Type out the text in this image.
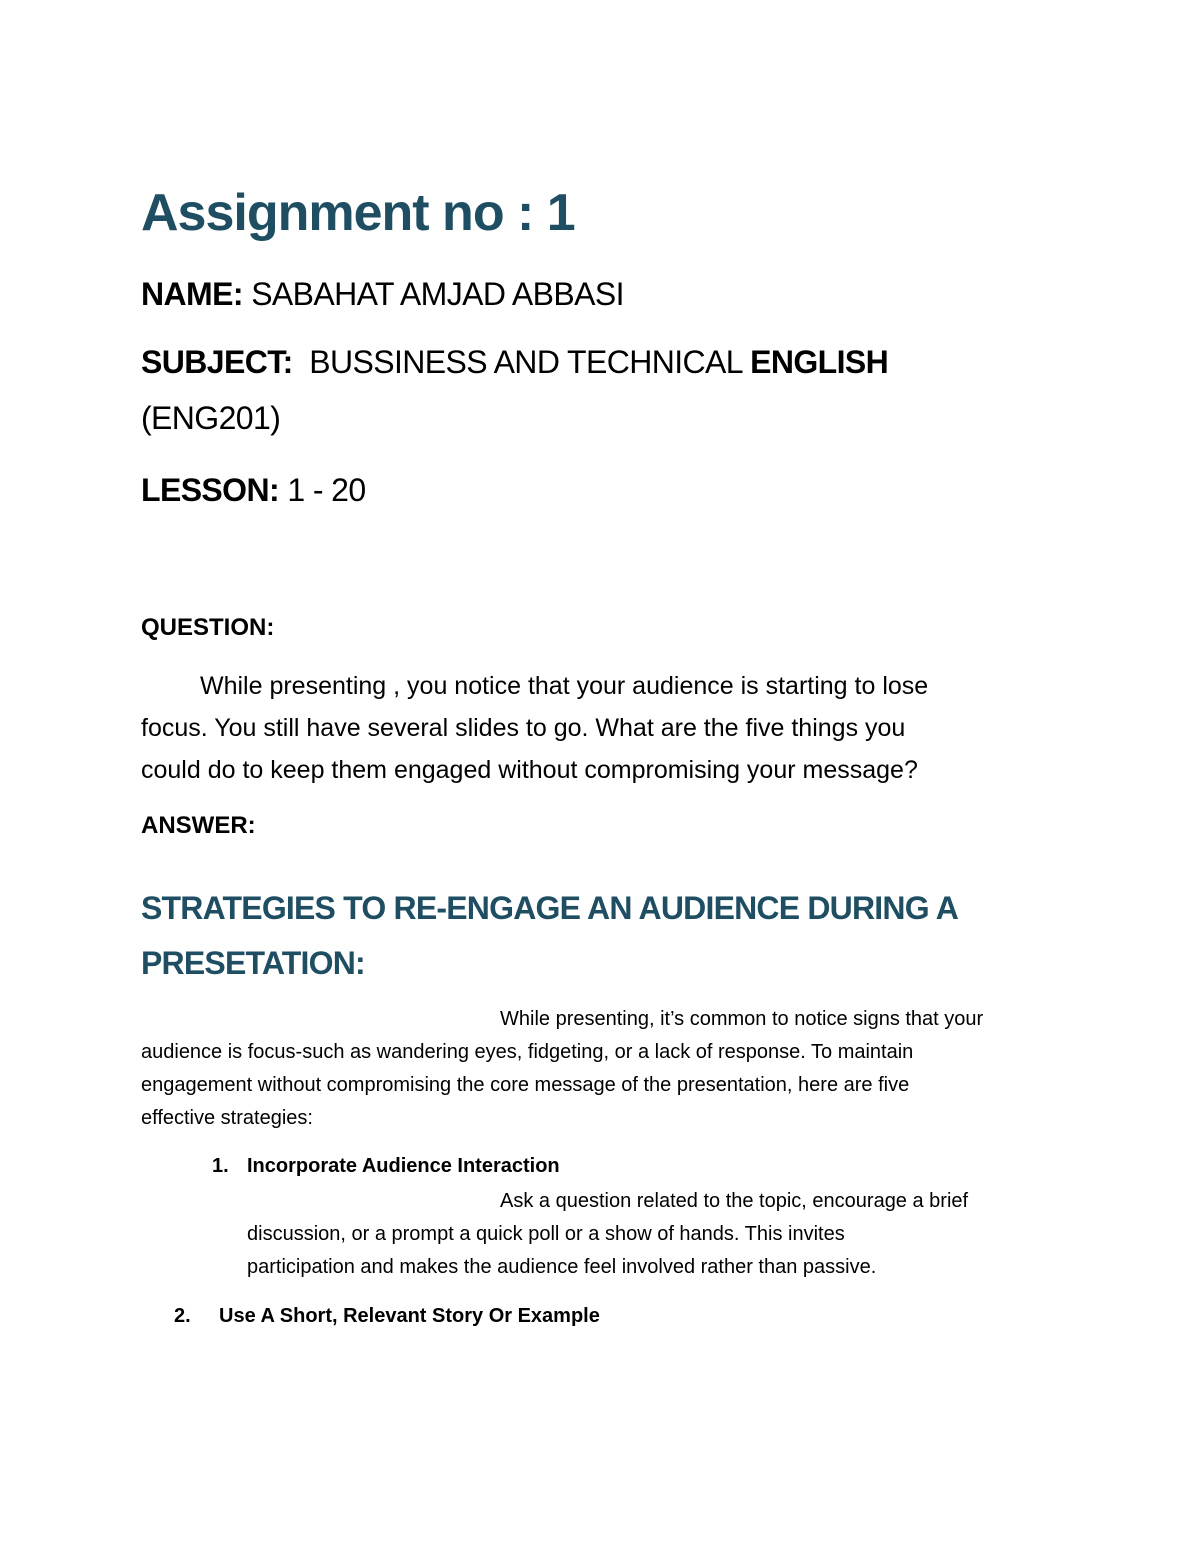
Assignment no : 1
NAME: SABAHAT AMJAD ABBASI
SUBJECT: BUSSINESS AND TECHNICAL ENGLISH
(ENG201)
LESSON: 1 - 20
QUESTION:
While presenting , you notice that your audience is starting to lose
focus. You still have several slides to go. What are the five things you
could do to keep them engaged without compromising your message?
ANSWER:
STRATEGIES TO RE-ENGAGE AN AUDIENCE DURING A
PRESETATION:
While presenting, it’s common to notice signs that your
audience is focus-such as wandering eyes, fidgeting, or a lack of response. To maintain
engagement without compromising the core message of the presentation, here are five
effective strategies:
1. Incorporate Audience Interaction
Ask a question related to the topic, encourage a brief
discussion, or a prompt a quick poll or a show of hands. This invites
participation and makes the audience feel involved rather than passive.
2. Use A Short, Relevant Story Or Example
